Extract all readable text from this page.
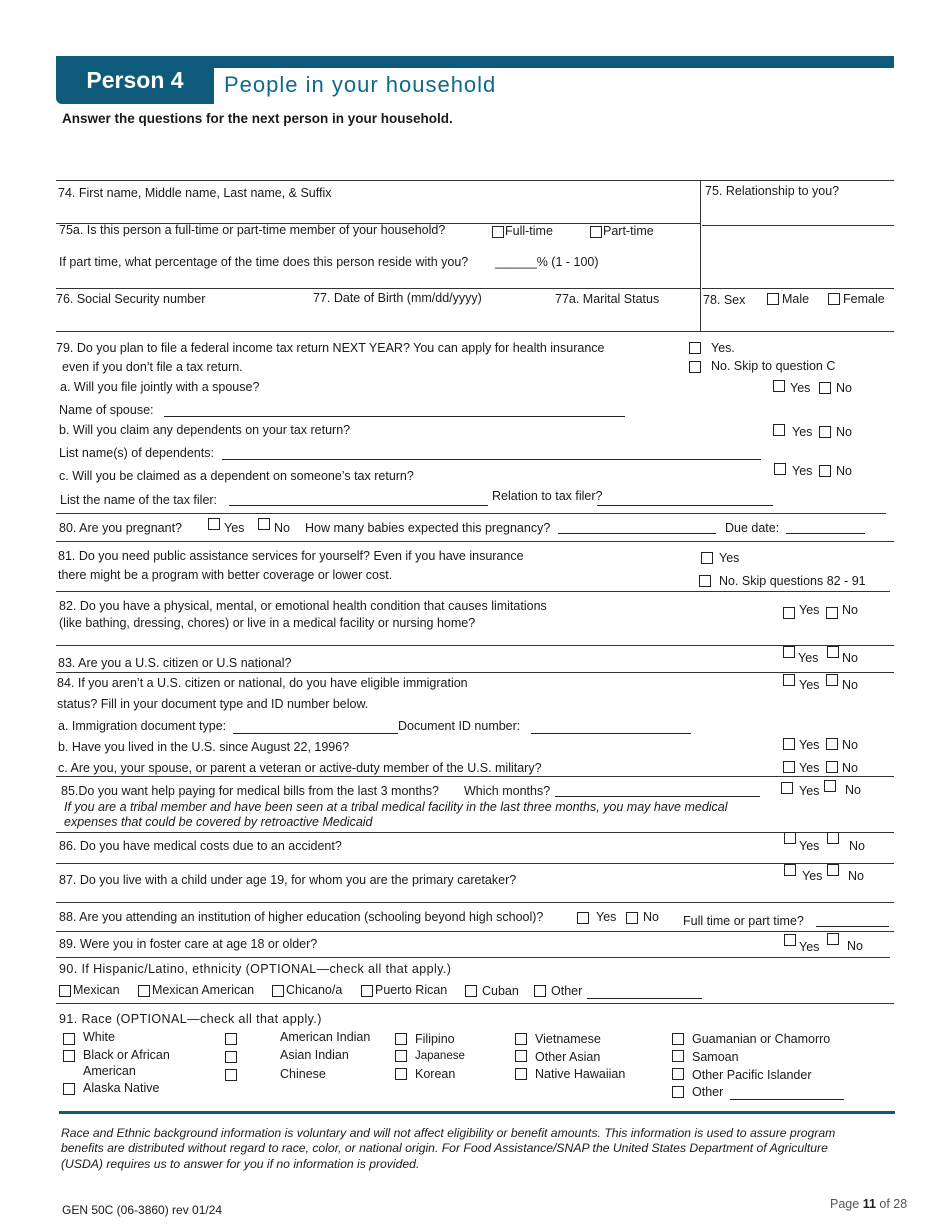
Person 4	People in your household
Answer the questions for the next person in your household.
74. First name, Middle name, Last name, & Suffix	75. Relationship to you?
75a. Is this person a full-time or part-time member of your household?	Full-time	Part-time
If part time, what percentage of the time does this person reside with you? ______% (1 - 100)
76. Social Security number	77. Date of Birth (mm/dd/yyyy)	77a. Marital Status	78. Sex	Male	Female
79. Do you plan to file a federal income tax return NEXT YEAR? You can apply for health insurance
even if you don’t file a tax return.
Yes.
No. Skip to question C
a. Will you file jointly with a spouse?	Yes No
Name of spouse:
b. Will you claim any dependents on your tax return?	Yes No
List name(s) of dependents:
c. Will you be claimed as a dependent on someone’s tax return?	Yes No
List the name of the tax filer:	Relation to tax filer?
80. Are you pregnant?	Yes No How many babies expected this pregnancy?	Due date:
81. Do you need public assistance services for yourself? Even if you have insurance
there might be a program with better coverage or lower cost.
Yes
No. Skip questions 82 - 91
82. Do you have a physical, mental, or emotional health condition that causes limitations
(like bathing, dressing, chores) or live in a medical facility or nursing home?
Yes No
83. Are you a U.S. citizen or U.S national?	Yes No
84. If you aren’t a U.S. citizen or national, do you have eligible immigration
status? Fill in your document type and ID number below.
Yes No
a. Immigration document type:	Document ID number:
b. Have you lived in the U.S. since August 22, 1996?	Yes No
c. Are you, your spouse, or parent a veteran or active-duty member of the U.S. military?	Yes No
85.Do you want help paying for medical bills from the last 3 months? Which months?	Yes No
If you are a tribal member and have been seen at a tribal medical facility in the last three months, you may have medical
expenses that could be covered by retroactive Medicaid
86. Do you have medical costs due to an accident?	Yes No
87. Do you live with a child under age 19, for whom you are the primary caretaker?	Yes No
88. Are you attending an institution of higher education (schooling beyond high school)?	Yes No Full time or part time?
89. Were you in foster care at age 18 or older?	Yes No
90. If Hispanic/Latino, ethnicity (OPTIONAL—check all that apply.)
Mexican	Mexican American	Chicano/a	Puerto Rican	Cuban	Other
91. Race (OPTIONAL—check all that apply.)
White
Black or African
American
Alaska Native
American Indian
Asian Indian
Chinese
Filipino
Japanese
Korean
Vietnamese
Other Asian
Native Hawaiian
Guamanian or Chamorro
Samoan
Other Pacific Islander
Other
Race and Ethnic background information is voluntary and will not affect eligibility or benefit amounts. This information is used to assure program
benefits are distributed without regard to race, color, or national origin. For Food Assistance/SNAP the United States Department of Agriculture
(USDA) requires us to answer for you if no information is provided.
GEN 50C (06-3860) rev 01/24	Page 11 of 28
